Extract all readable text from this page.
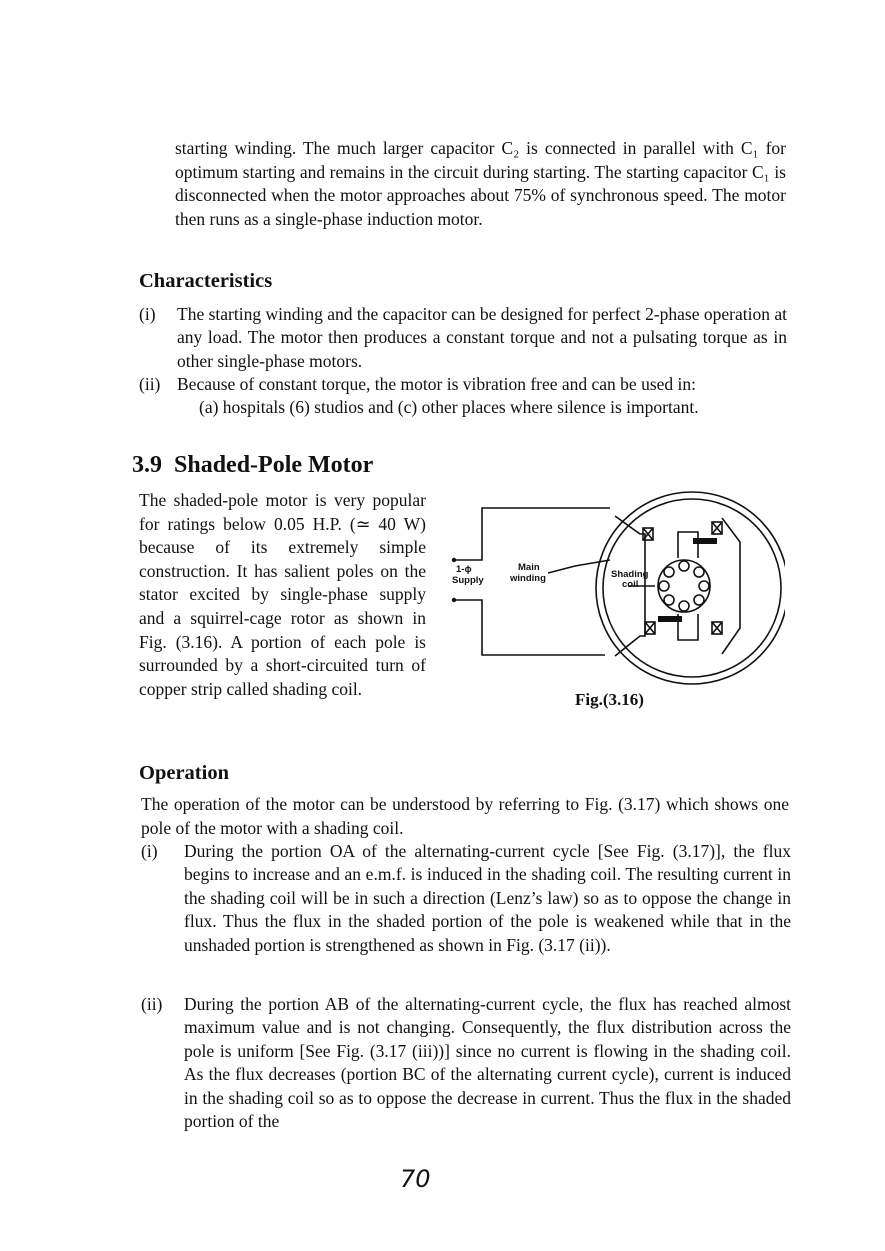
starting winding. The much larger capacitor C₂ is connected in parallel with C₁ for optimum starting and remains in the circuit during starting. The starting capacitor C₁ is disconnected when the motor approaches about 75% of synchronous speed. The motor then runs as a single-phase induction motor.

Characteristics

(i) The starting winding and the capacitor can be designed for perfect 2-phase operation at any load. The motor then produces a constant torque and not a pulsating torque as in other single-phase motors.
(ii) Because of constant torque, the motor is vibration free and can be used in:
(a) hospitals (6) studios and (c) other places where silence is important.

3.9 Shaded-Pole Motor

The shaded-pole motor is very popular for ratings below 0.05 H.P. (≃ 40 W) because of its extremely simple construction. It has salient poles on the stator excited by single-phase supply and a squirrel-cage rotor as shown in Fig. (3.16). A portion of each pole is surrounded by a short-circuited turn of copper strip called shading coil.

1-ϕ
Supply
Main
winding	Shading
coil
Fig.(3.16)

Operation

The operation of the motor can be understood by referring to Fig. (3.17) which shows one pole of the motor with a shading coil.

(i) During the portion OA of the alternating-current cycle [See Fig. (3.17)], the flux begins to increase and an e.m.f. is induced in the shading coil. The resulting current in the shading coil will be in such a direction (Lenz’s law) so as to oppose the change in flux. Thus the flux in the shaded portion of the pole is weakened while that in the unshaded portion is strengthened as shown in Fig. (3.17 (ii)).
(ii) During the portion AB of the alternating-current cycle, the flux has reached almost maximum value and is not changing. Consequently, the flux distribution across the pole is uniform [See Fig. (3.17 (iii))] since no current is flowing in the shading coil. As the flux decreases (portion BC of the alternating current cycle), current is induced in the shading coil so as to oppose the decrease in current. Thus the flux in the shaded portion of the
70
